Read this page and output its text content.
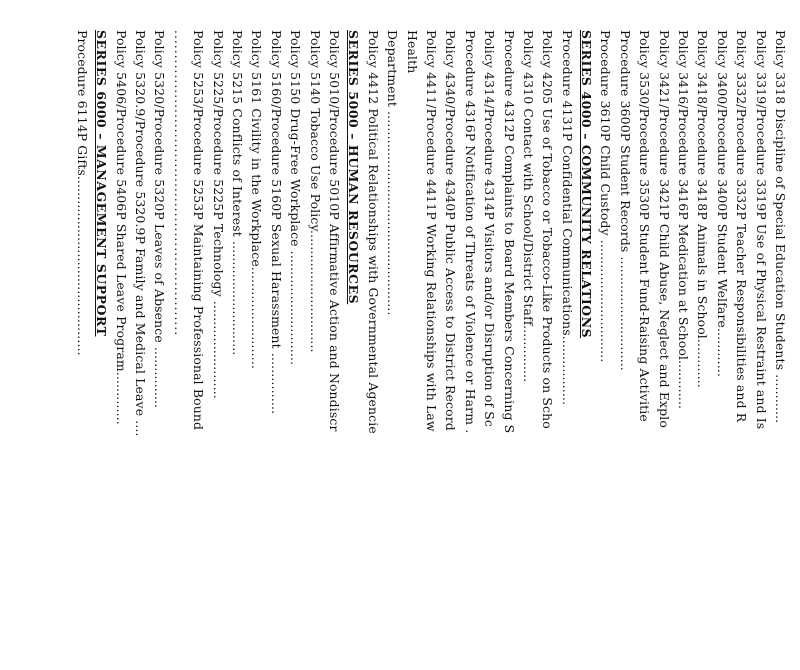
Policy 3318 Discipline of Special Education Students ............
Policy 3319/Procedure 3319P Use of Physical Restraint and Is
Policy 3332/Procedure 3332P Teacher Responsibilities and R
Policy 3400/Procedure 3400P Student Welfare............
Policy 3418/Procedure 3418P Animals in School............
Policy 3416/Procedure 3416P Medication at School............
Policy 3421/Procedure 3421P Child Abuse, Neglect and Explo
Policy 3530/Procedure 3530P Student Fund-Raising Activitie
Procedure 3600P Student Records ............................
Procedure 3610P Child Custody ..............................
SERIES 4000 – COMMUNITY RELATIONS
Procedure 4131P Confidential Communications.................
Policy 4205 Use of Tobacco or Tobacco-Like Products on Scho
Policy 4310 Contact with School/District Staff..............
Procedure 4312P Complaints to Board Members Concerning S
Policy 4314/Procedure 4314P Visitors and/or Disruption of Sc
Procedure 4316P Notification of Threats of Violence or Harm .
Policy 4340/Procedure 4340P Public Access to District Record
Policy 4411/Procedure 4411P Working Relationships with Law
Health
Department ..................................................
Policy 4412 Political Relationships with Governmental Agencie
SERIES 5000 – HUMAN RESOURCES
Policy 5010/Procedure 5010P Affirmative Action and Nondiscr
Policy 5140 Tobacco Use Policy..............................
Policy 5150 Drug-Free Workplace ............................
Policy 5160/Procedure 5160P Sexual Harassment ...............
Policy 5161 Civility in the Workplace.........................
Policy 5215 Conflicts of Interest ............................
Policy 5225/Procedure 5225P Technology ........................
Policy 5253/Procedure 5253P Maintaining Professional Bound
..............................................................
Policy 5320/Procedure 5320P Leaves of Absence ...............
Policy 5320.9/Procedure 5320.9P Family and Medical Leave ....
Policy 5406/Procedure 5406P Shared Leave Program.............
SERIES 6000 – MANAGEMENT SUPPORT
Procedure 6114P Gifts............................................
